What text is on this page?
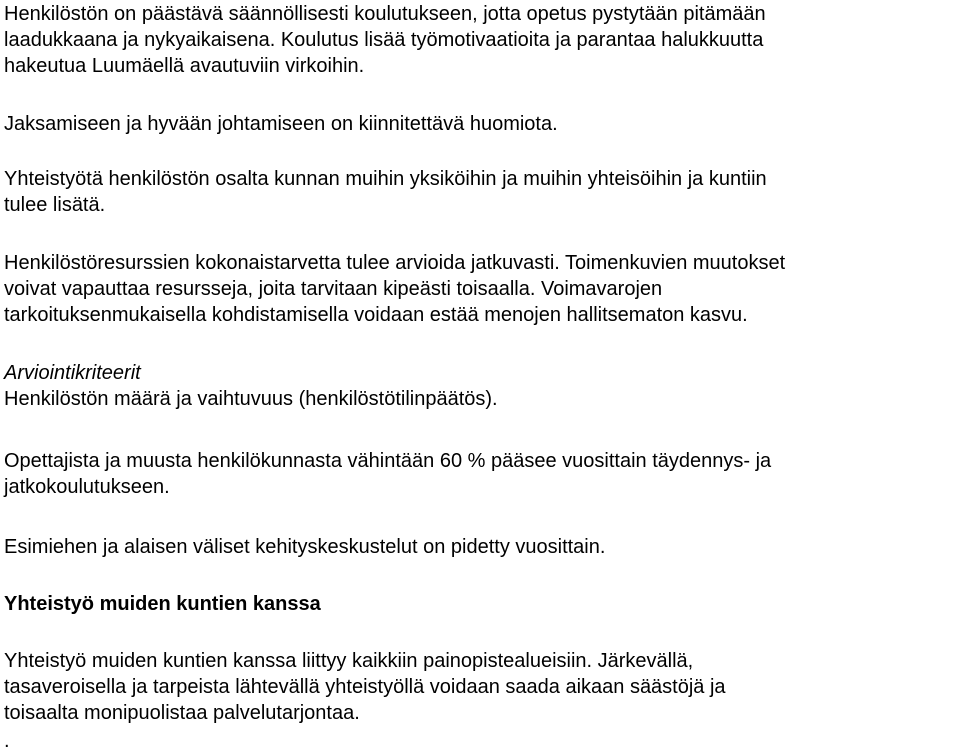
Henkilöstön on päästävä säännöllisesti koulutukseen, jotta opetus pystytään pitämään
laadukkaana ja nykyaikaisena. Koulutus lisää työmotivaatioita ja parantaa halukkuutta
hakeutua Luumäellä avautuviin virkoihin.

Jaksamiseen ja hyvään johtamiseen on kiinnitettävä huomiota.

Yhteistyötä henkilöstön osalta kunnan muihin yksiköihin ja muihin yhteisöihin ja kuntiin
tulee lisätä.

Henkilöstöresurssien kokonaistarvetta tulee arvioida jatkuvasti. Toimenkuvien muutokset
voivat vapauttaa resursseja, joita tarvitaan kipeästi toisaalla. Voimavarojen
tarkoituksenmukaisella kohdistamisella voidaan estää menojen hallitsematon kasvu.

Arviointikriteerit
Henkilöstön määrä ja vaihtuvuus (henkilöstötilinpäätös).

Opettajista ja muusta henkilökunnasta vähintään 60 % pääsee vuosittain täydennys- ja
jatkokoulutukseen.

Esimiehen ja alaisen väliset kehityskeskustelut on pidetty vuosittain.

Yhteistyö muiden kuntien kanssa

Yhteistyö muiden kuntien kanssa liittyy kaikkiin painopistealueisiin. Järkevällä,
tasaveroisella ja tarpeista lähtevällä yhteistyöllä voidaan saada aikaan säästöjä ja
toisaalta monipuolistaa palvelutarjontaa.

.
